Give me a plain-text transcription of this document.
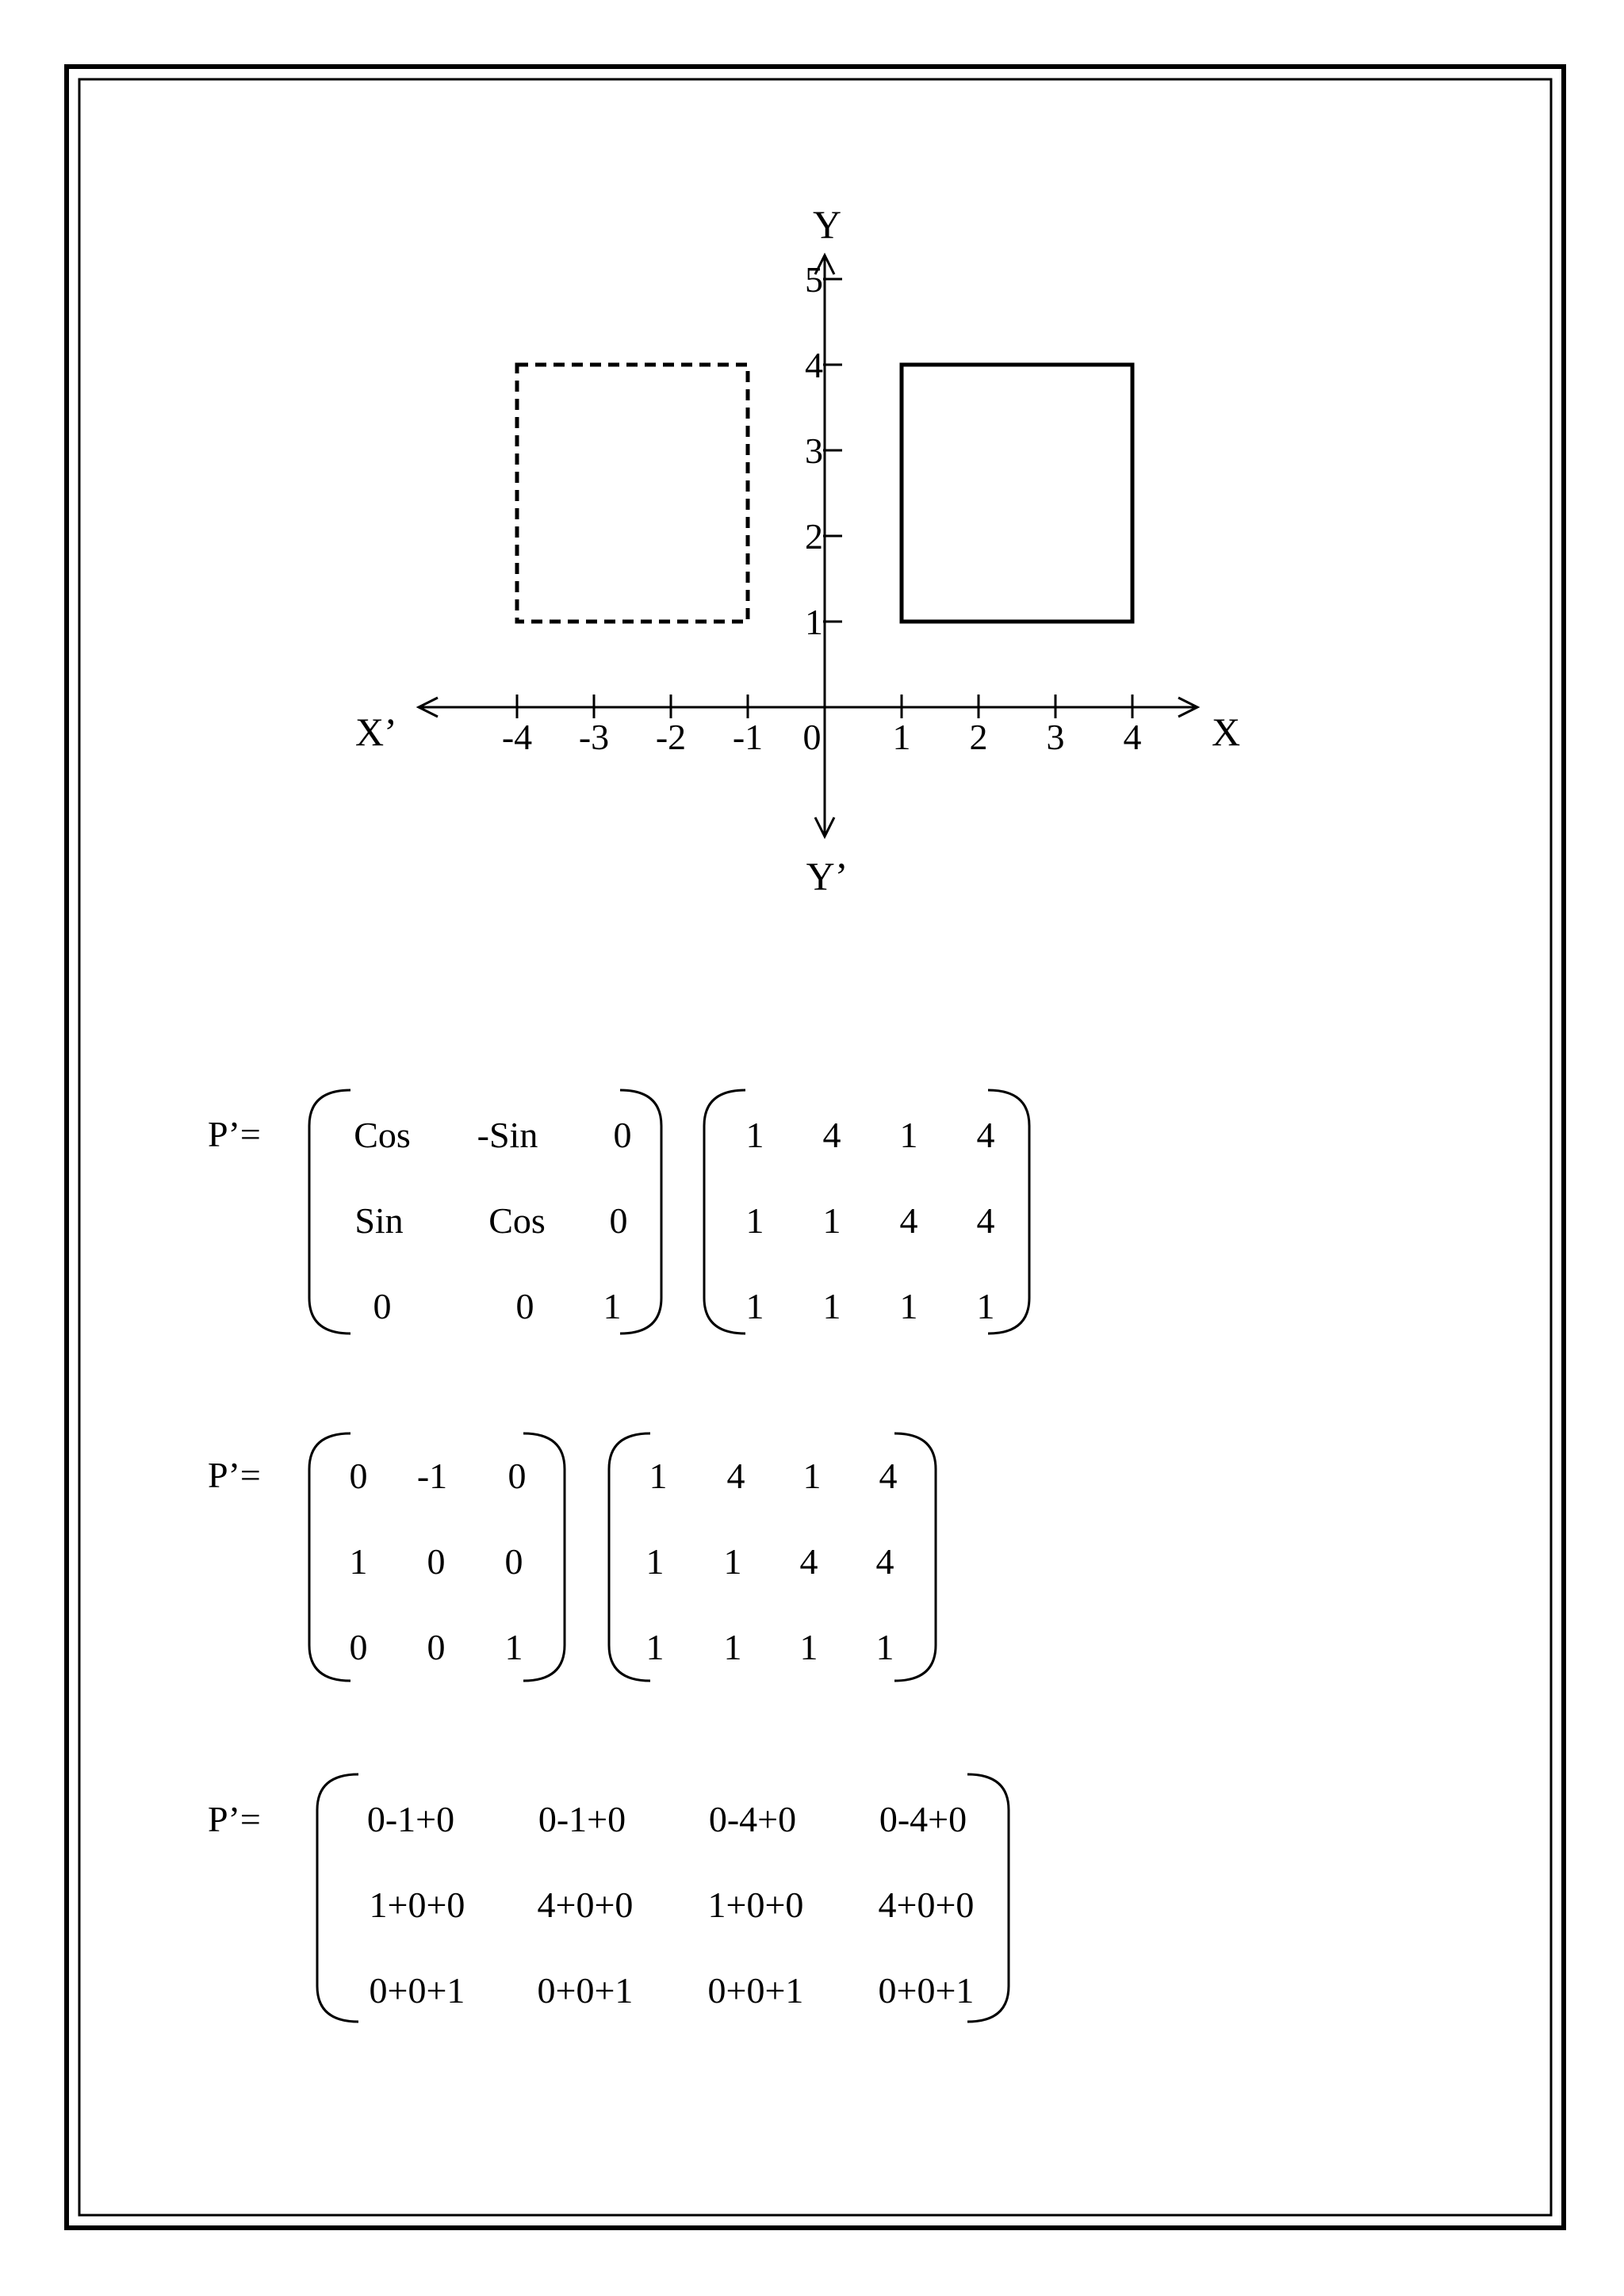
Y
Y’
X
X’	0
-4 -3 -2 -1	1 2 3 4
1
2
3
4
5
P’=	Cos -Sin 0
Sin Cos 0
0	0 1
1 4 1 4
1 1 4 4
1 1 1 1
P’= 0 -1 0
1 0 0
0 0 1
1 4 1 4
1 1 4 4
1 1 1 1
P’=	0-1+0 0-1+0 0-4+0 0-4+0
1+0+0 4+0+0 1+0+0 4+0+0
0+0+1 0+0+1 0+0+1 0+0+1
